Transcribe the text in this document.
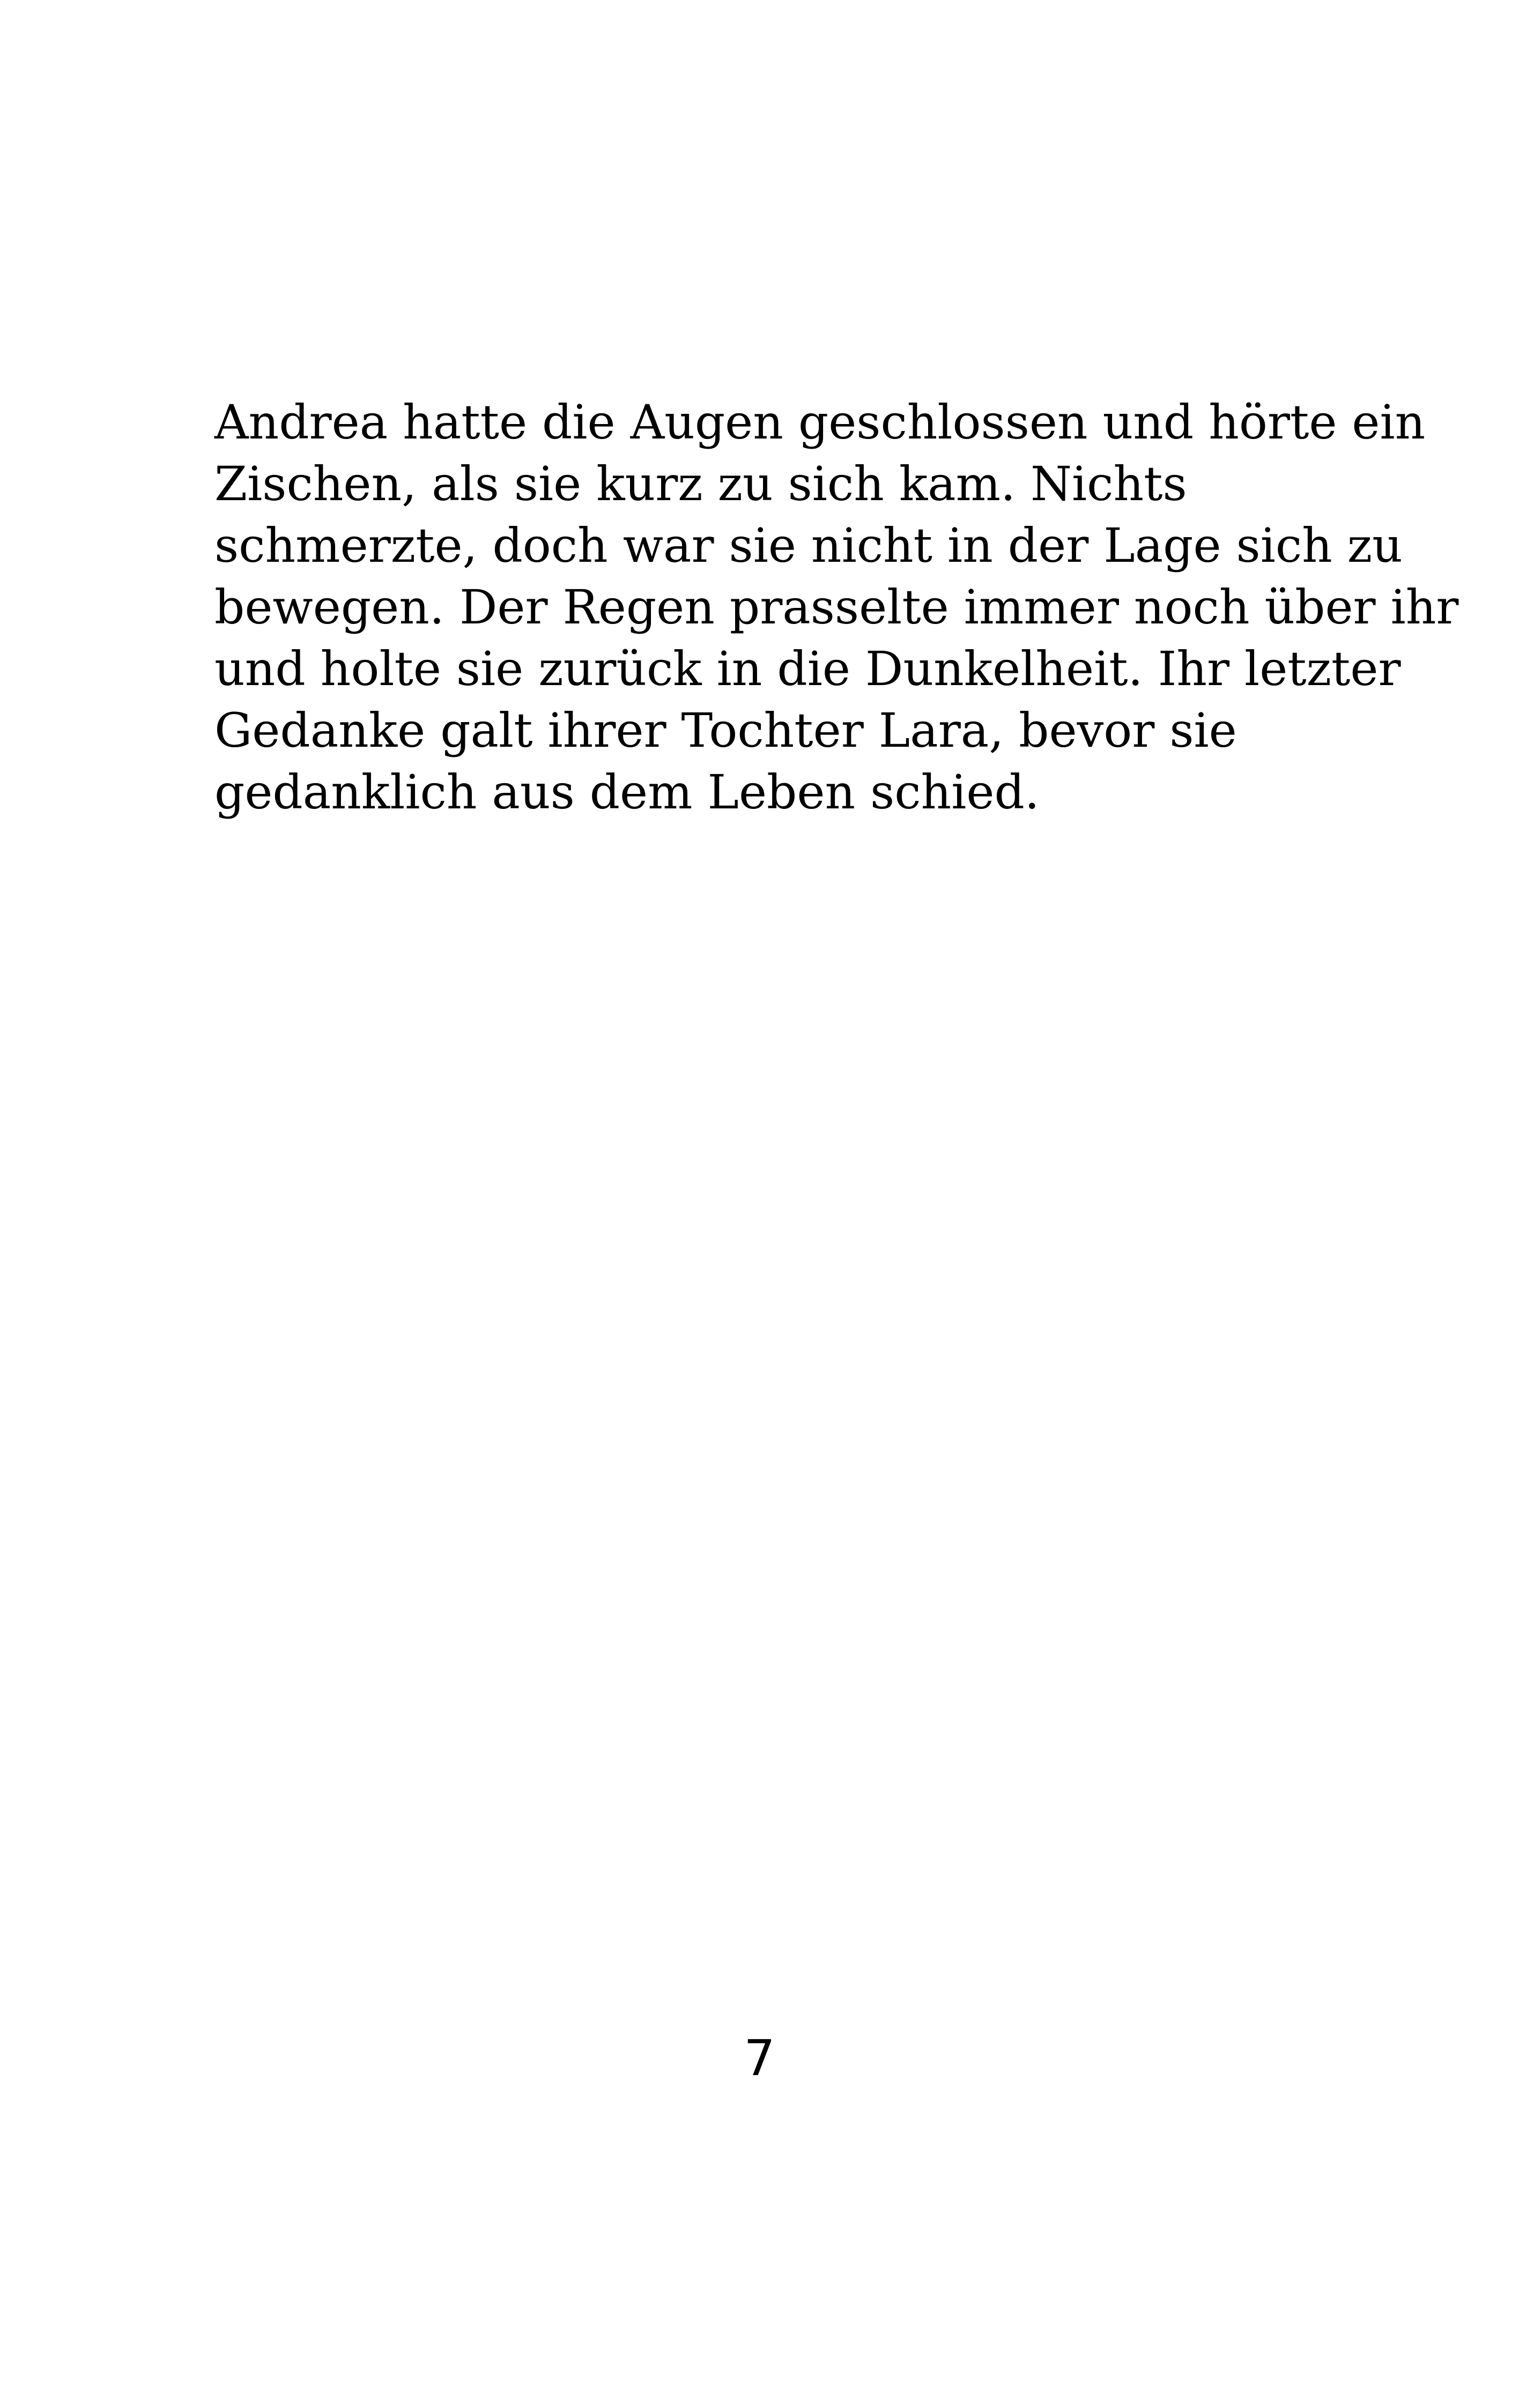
Andrea hatte die Augen geschlossen und hörte ein
Zischen, als sie kurz zu sich kam. Nichts
schmerzte, doch war sie nicht in der Lage sich zu
bewegen. Der Regen prasselte immer noch über ihr
und holte sie zurück in die Dunkelheit. Ihr letzter
Gedanke galt ihrer Tochter Lara, bevor sie
gedanklich aus dem Leben schied.

7
